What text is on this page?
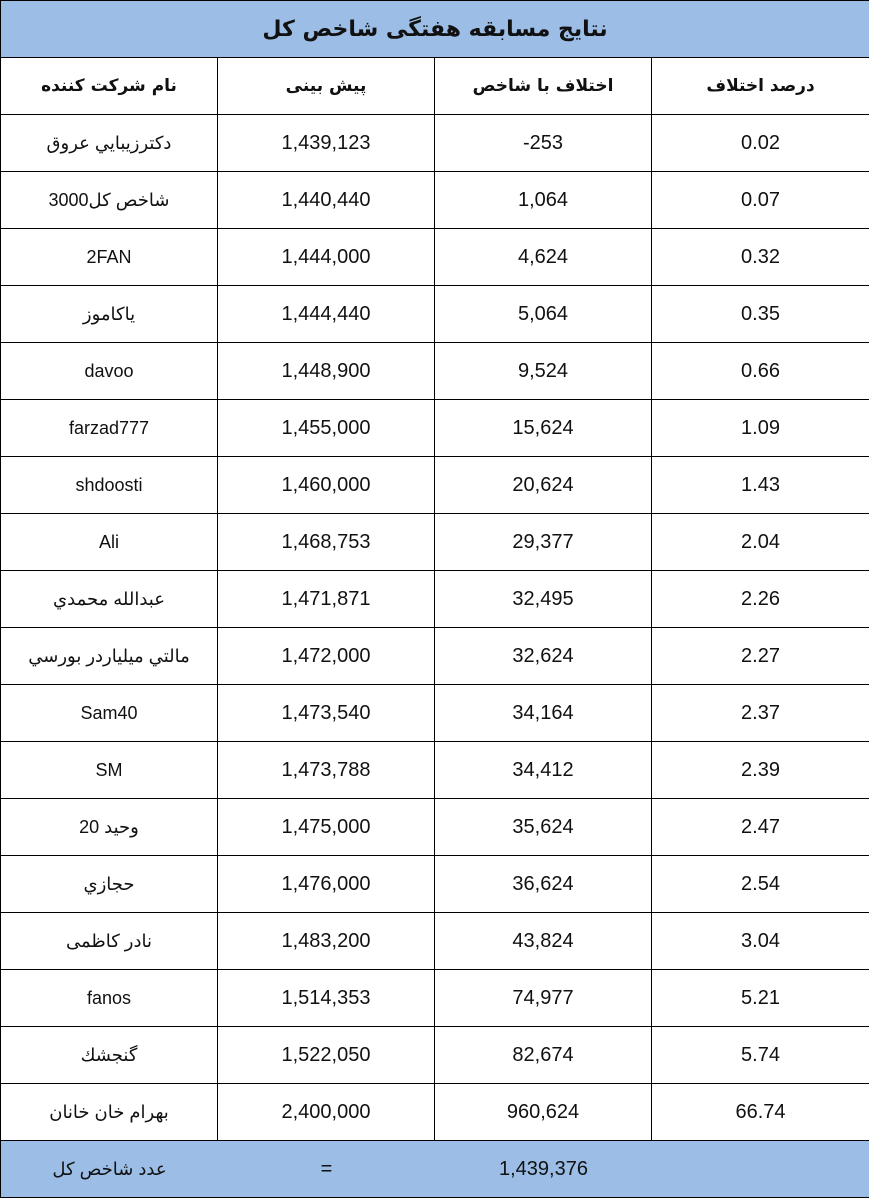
نتایج مسابقه هفتگی شاخص کل			
نام شرکت کننده	پیش بینی	اختلاف با شاخص	درصد اختلاف
دکترزيبايي عروق	1,439,123	-253	0.02
شاخص کل3000	1,440,440	1,064	0.07
2FAN	1,444,000	4,624	0.32
ياکاموز	1,444,440	5,064	0.35
davoo	1,448,900	9,524	0.66
farzad777	1,455,000	15,624	1.09
shdoosti	1,460,000	20,624	1.43
Ali	1,468,753	29,377	2.04
عبدالله محمدي	1,471,871	32,495	2.26
مالتي ميلياردر بورسي	1,472,000	32,624	2.27
Sam40	1,473,540	34,164	2.37
SM	1,473,788	34,412	2.39
وحيد 20	1,475,000	35,624	2.47
حجازي	1,476,000	36,624	2.54
نادر کاظمی	1,483,200	43,824	3.04
fanos	1,514,353	74,977	5.21
گنجشك	1,522,050	82,674	5.74
بهرام خان خانان	2,400,000	960,624	66.74

عدد شاخص کل = 1,439,376			
